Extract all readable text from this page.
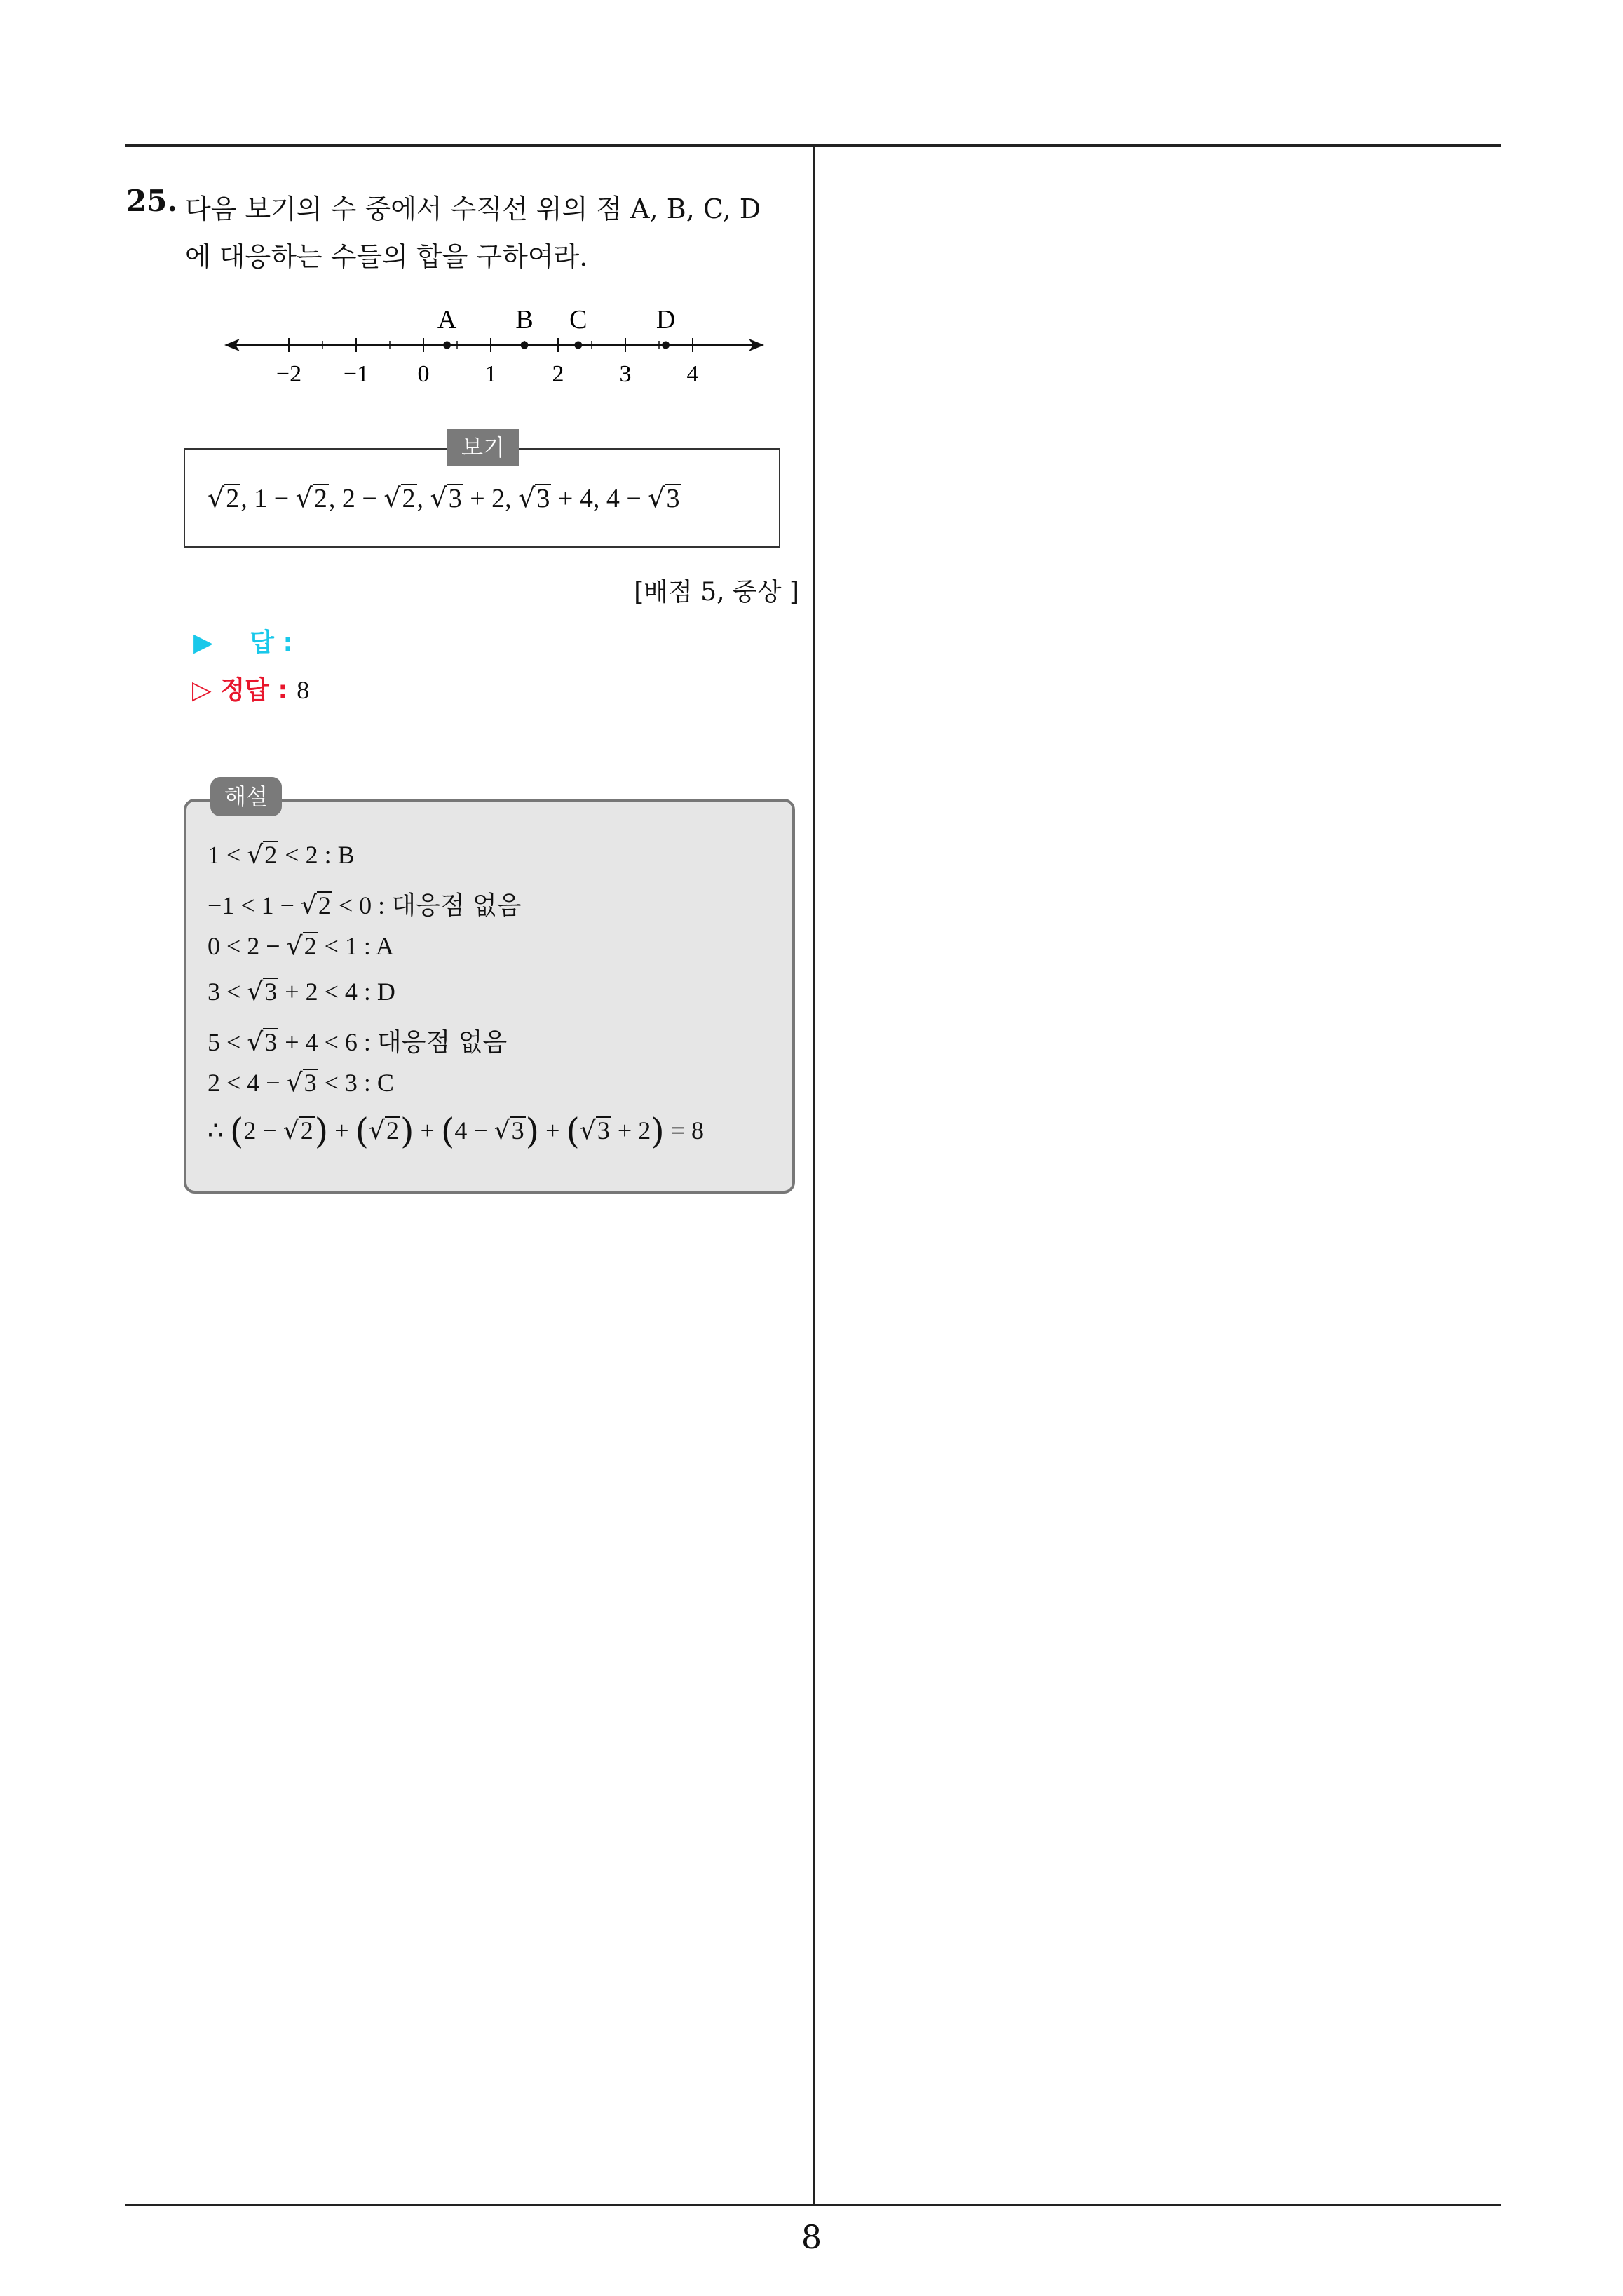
8
25. 다음 보기의 수 중에서 수직선 위의 점 A, B, C, D
에 대응하는 수들의 합을 구하여라.
−2 −1 0 1 2 3 4
A B C	D
보기
√2, 1 − √2, 2 − √2, √3 + 2, √3 + 4, 4 − √3
[배점 5, 중상 ]
▶ 답 :
▷ 정답 : 8
해설
1 < √2 < 2 : B
−1 < 1 − √2 < 0 : 대응점 없음
0 < 2 − √2 < 1 : A
3 < √3 + 2 < 4 : D
5 < √3 + 4 < 6 : 대응점 없음
2 < 4 − √3 < 3 : C
∴ (2 − √2) + (√2) + (4 − √3) + (√3 + 2) = 8
